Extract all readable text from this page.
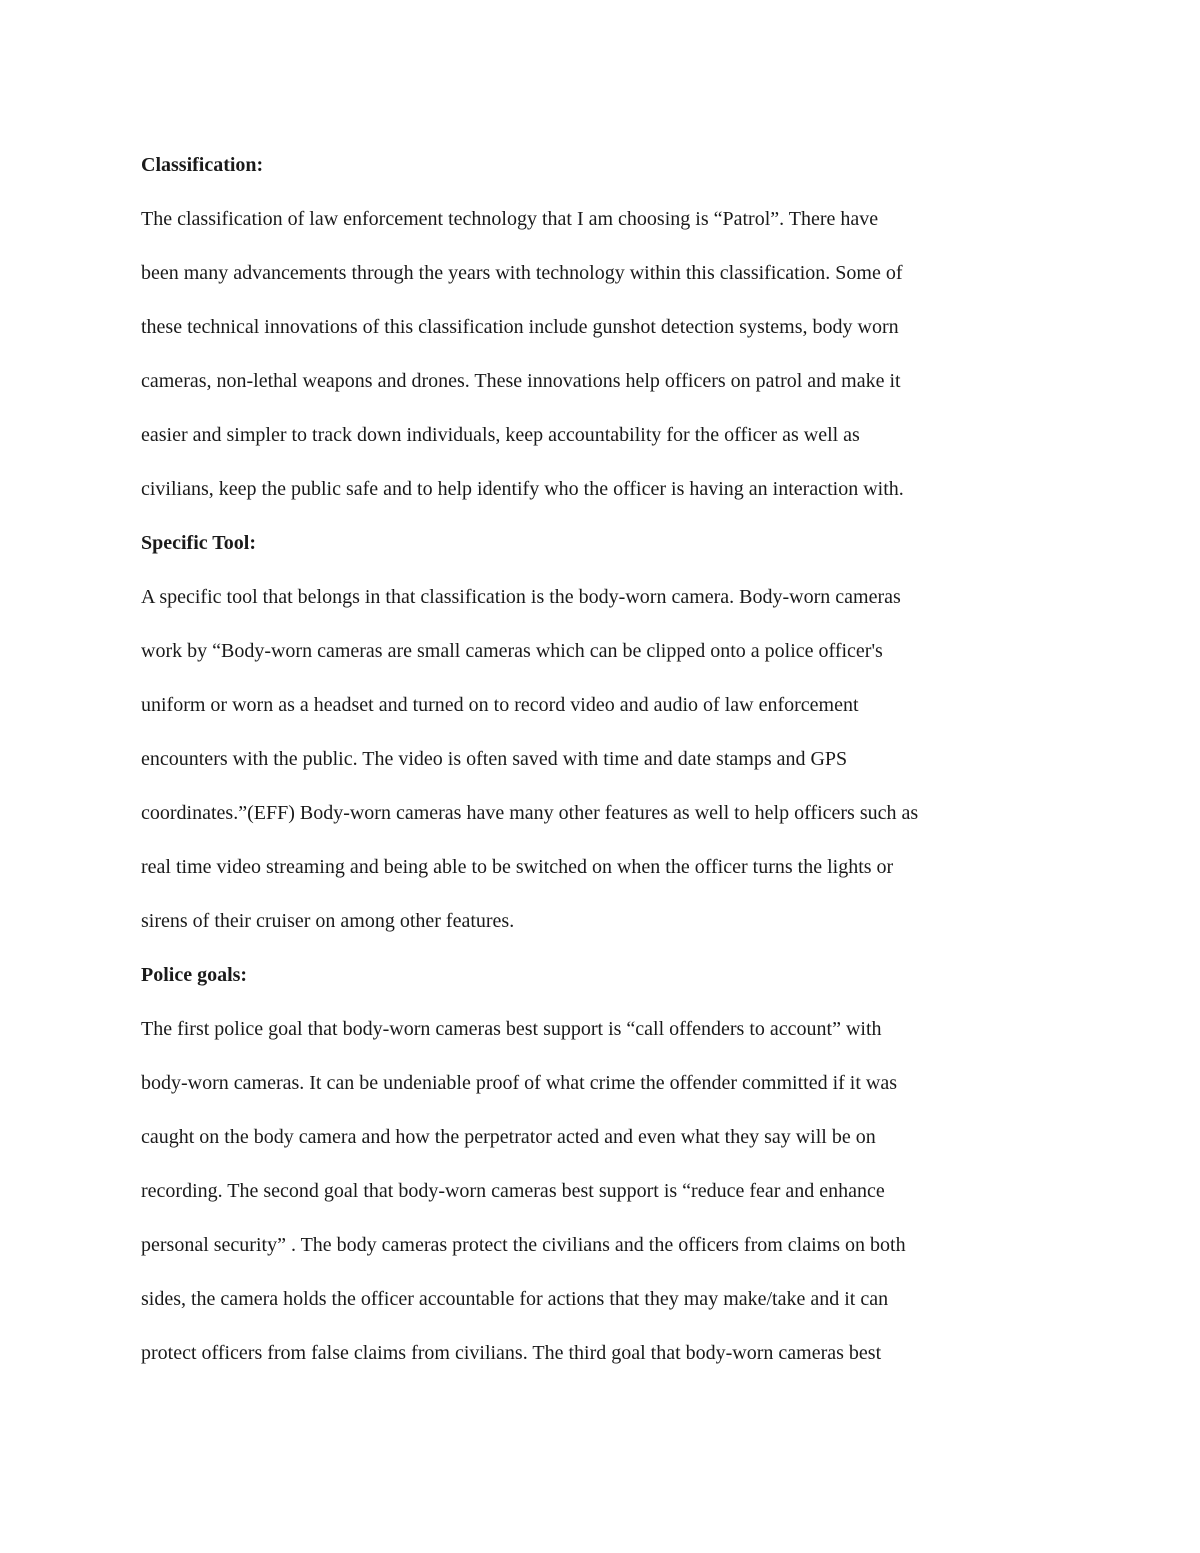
Classification:
The classification of law enforcement technology that I am choosing is “Patrol”. There have
been many advancements through the years with technology within this classification. Some of
these technical innovations of this classification include gunshot detection systems, body worn
cameras, non-lethal weapons and drones. These innovations help officers on patrol and make it
easier and simpler to track down individuals, keep accountability for the officer as well as
civilians, keep the public safe and to help identify who the officer is having an interaction with.
Specific Tool:
A specific tool that belongs in that classification is the body-worn camera. Body-worn cameras
work by “Body-worn cameras are small cameras which can be clipped onto a police officer's
uniform or worn as a headset and turned on to record video and audio of law enforcement
encounters with the public. The video is often saved with time and date stamps and GPS
coordinates.”(EFF) Body-worn cameras have many other features as well to help officers such as
real time video streaming and being able to be switched on when the officer turns the lights or
sirens of their cruiser on among other features.
Police goals:
The first police goal that body-worn cameras best support is “call offenders to account” with
body-worn cameras. It can be undeniable proof of what crime the offender committed if it was
caught on the body camera and how the perpetrator acted and even what they say will be on
recording. The second goal that body-worn cameras best support is “reduce fear and enhance
personal security” . The body cameras protect the civilians and the officers from claims on both
sides, the camera holds the officer accountable for actions that they may make/take and it can
protect officers from false claims from civilians. The third goal that body-worn cameras best
